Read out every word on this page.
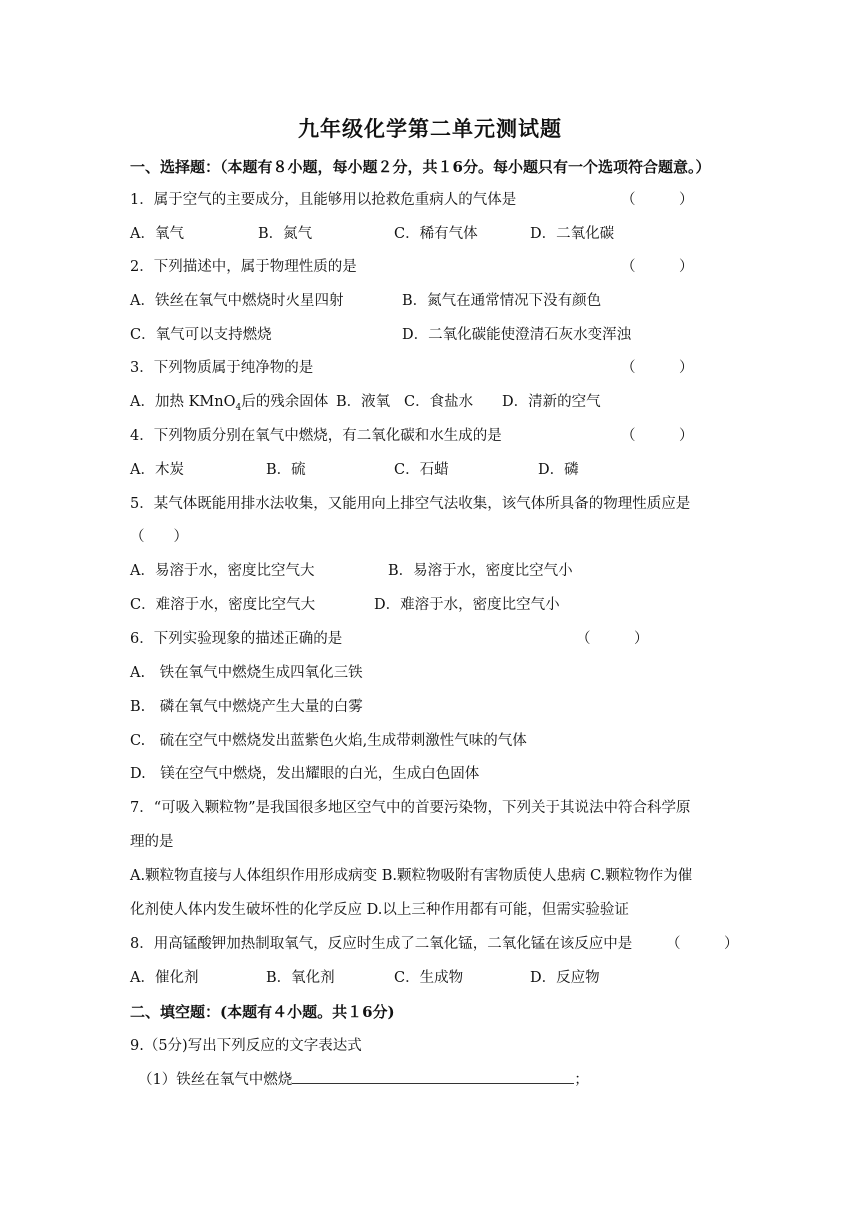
九年级化学第二单元测试题
一、选择题：（本题有８小题，每小题２分，共１6分。每小题只有一个选项符合题意。）
1．属于空气的主要成分，且能够用以抢救危重病人的气体是	（　　　）
A．氧气	B．氮气	C．稀有气体	D．二氧化碳
2．下列描述中，属于物理性质的是	（　　　）
A．铁丝在氧气中燃烧时火星四射	B．氮气在通常情况下没有颜色
C．氧气可以支持燃烧	D．二氧化碳能使澄清石灰水变浑浊
3．下列物质属于纯净物的是	（　　　）
A．加热 KMnO$_4$后的残余固体 B．液氧 C．食盐水 D．清新的空气
4．下列物质分别在氧气中燃烧，有二氧化碳和水生成的是	（　　　）
A．木炭	B．硫	C．石蜡	D．磷
5．某气体既能用排水法收集，又能用向上排空气法收集，该气体所具备的物理性质应是
（　　）
A．易溶于水，密度比空气大	B．易溶于水，密度比空气小
C．难溶于水，密度比空气大	D．难溶于水，密度比空气小
6．下列实验现象的描述正确的是	（　　　）
A.　铁在氧气中燃烧生成四氧化三铁
B.　磷在氧气中燃烧产生大量的白雾
C.　硫在空气中燃烧发出蓝紫色火焰,生成带刺激性气味的气体
D.　镁在空气中燃烧，发出耀眼的白光，生成白色固体
7．“可吸入颗粒物”是我国很多地区空气中的首要污染物，下列关于其说法中符合科学原
理的是
A.颗粒物直接与人体组织作用形成病变 B.颗粒物吸附有害物质使人患病 C.颗粒物作为催
化剂使人体内发生破坏性的化学反应 D.以上三种作用都有可能，但需实验验证
8．用高锰酸钾加热制取氧气，反应时生成了二氧化锰，二氧化锰在该反应中是 （　　　）
A．催化剂	B．氧化剂	C．生成物	D．反应物
二、填空题：(本题有４小题。共１6分)
9.（5分)写出下列反应的文字表达式
（1）铁丝在氧气中燃烧	；
